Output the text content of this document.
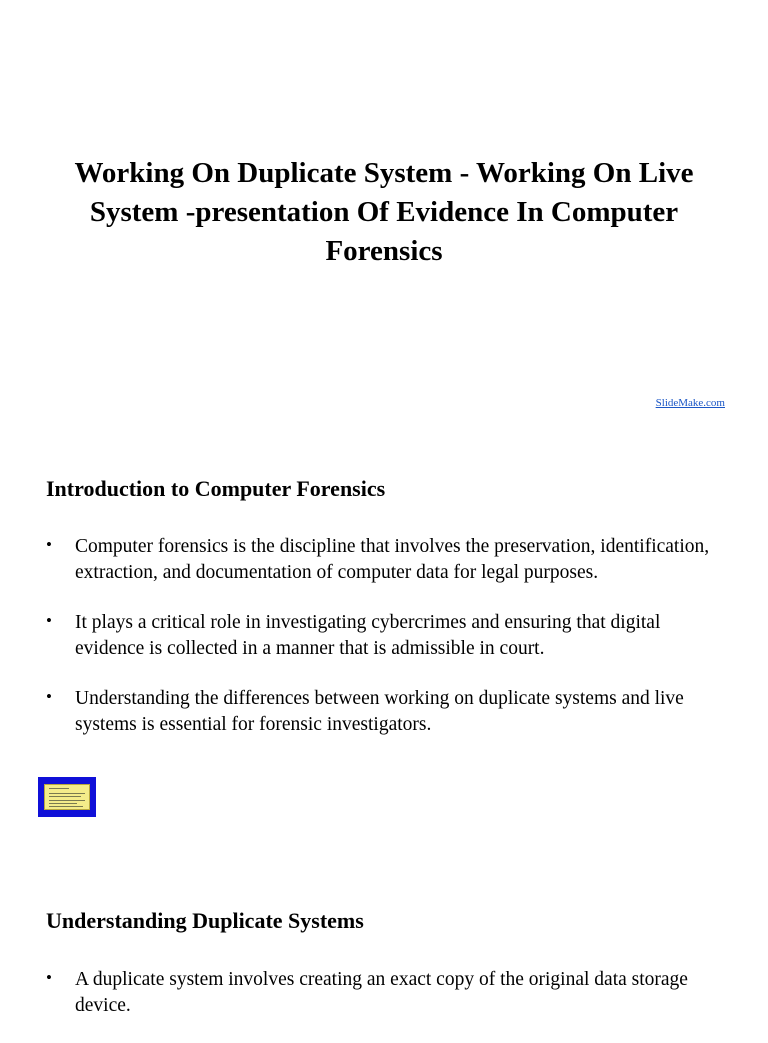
Working On Duplicate System - Working On Live System -presentation Of Evidence In Computer Forensics
SlideMake.com
Introduction to Computer Forensics
• Computer forensics is the discipline that involves the preservation, identification, extraction, and documentation of computer data for legal purposes.
• It plays a critical role in investigating cybercrimes and ensuring that digital evidence is collected in a manner that is admissible in court.
• Understanding the differences between working on duplicate systems and live systems is essential for forensic investigators.
Understanding Duplicate Systems
• A duplicate system involves creating an exact copy of the original data storage device.
